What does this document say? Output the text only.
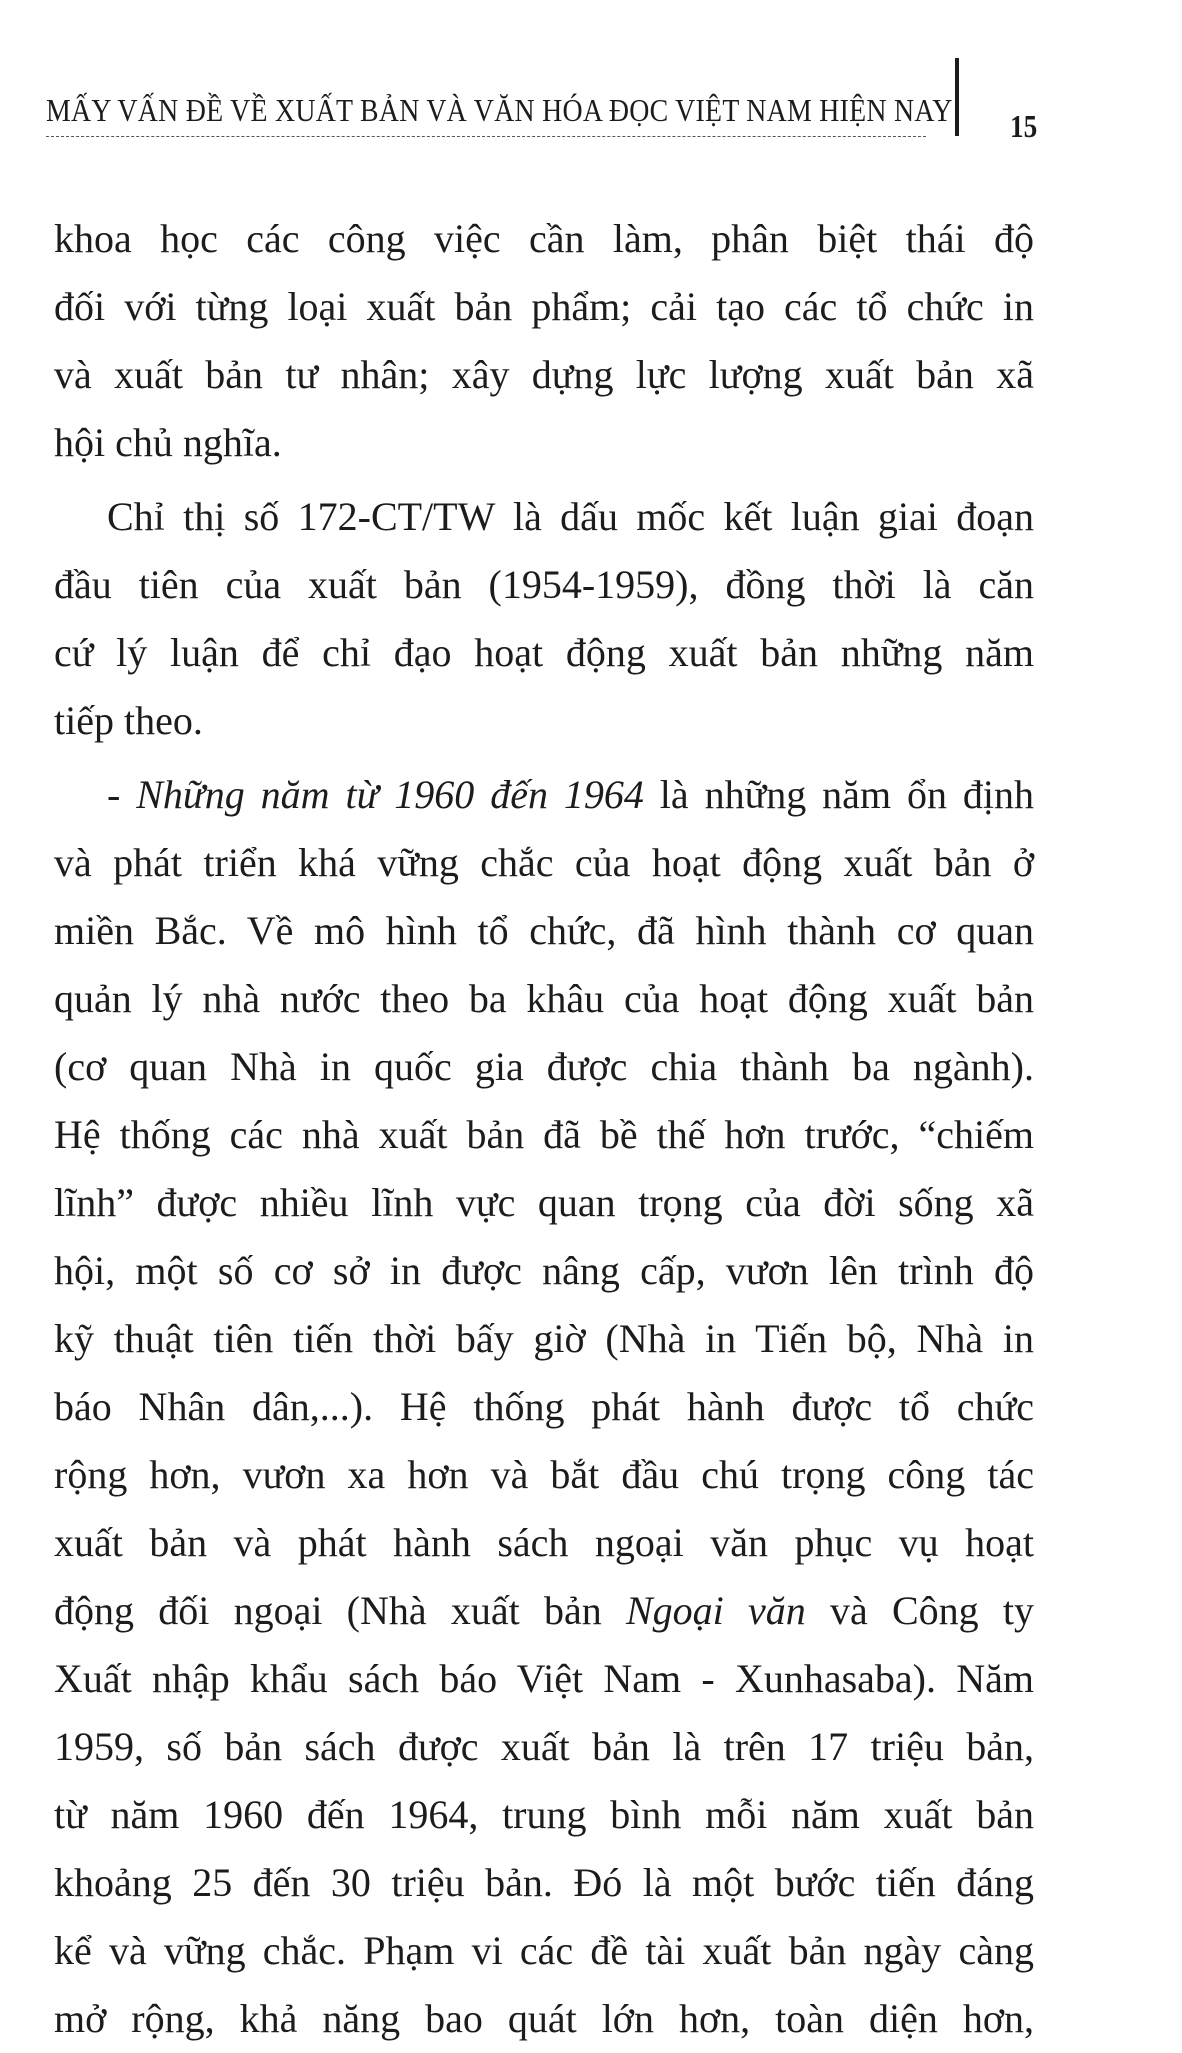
MẤY VẤN ĐỀ VỀ XUẤT BẢN VÀ VĂN HÓA ĐỌC VIỆT NAM HIỆN NAY 15
khoa học các công việc cần làm, phân biệt thái độ
đối với từng loại xuất bản phẩm; cải tạo các tổ chức in
và xuất bản tư nhân; xây dựng lực lượng xuất bản xã
hội chủ nghĩa.
Chỉ thị số 172-CT/TW là dấu mốc kết luận giai đoạn
đầu tiên của xuất bản (1954-1959), đồng thời là căn
cứ lý luận để chỉ đạo hoạt động xuất bản những năm
tiếp theo.
- Những năm từ 1960 đến 1964 là những năm ổn định
và phát triển khá vững chắc của hoạt động xuất bản ở
miền Bắc. Về mô hình tổ chức, đã hình thành cơ quan
quản lý nhà nước theo ba khâu của hoạt động xuất bản
(cơ quan Nhà in quốc gia được chia thành ba ngành).
Hệ thống các nhà xuất bản đã bề thế hơn trước, “chiếm
lĩnh” được nhiều lĩnh vực quan trọng của đời sống xã
hội, một số cơ sở in được nâng cấp, vươn lên trình độ
kỹ thuật tiên tiến thời bấy giờ (Nhà in Tiến bộ, Nhà in
báo Nhân dân,...). Hệ thống phát hành được tổ chức
rộng hơn, vươn xa hơn và bắt đầu chú trọng công tác
xuất bản và phát hành sách ngoại văn phục vụ hoạt
động đối ngoại (Nhà xuất bản Ngoại văn và Công ty
Xuất nhập khẩu sách báo Việt Nam - Xunhasaba). Năm
1959, số bản sách được xuất bản là trên 17 triệu bản,
từ năm 1960 đến 1964, trung bình mỗi năm xuất bản
khoảng 25 đến 30 triệu bản. Đó là một bước tiến đáng
kể và vững chắc. Phạm vi các đề tài xuất bản ngày càng
mở rộng, khả năng bao quát lớn hơn, toàn diện hơn,
